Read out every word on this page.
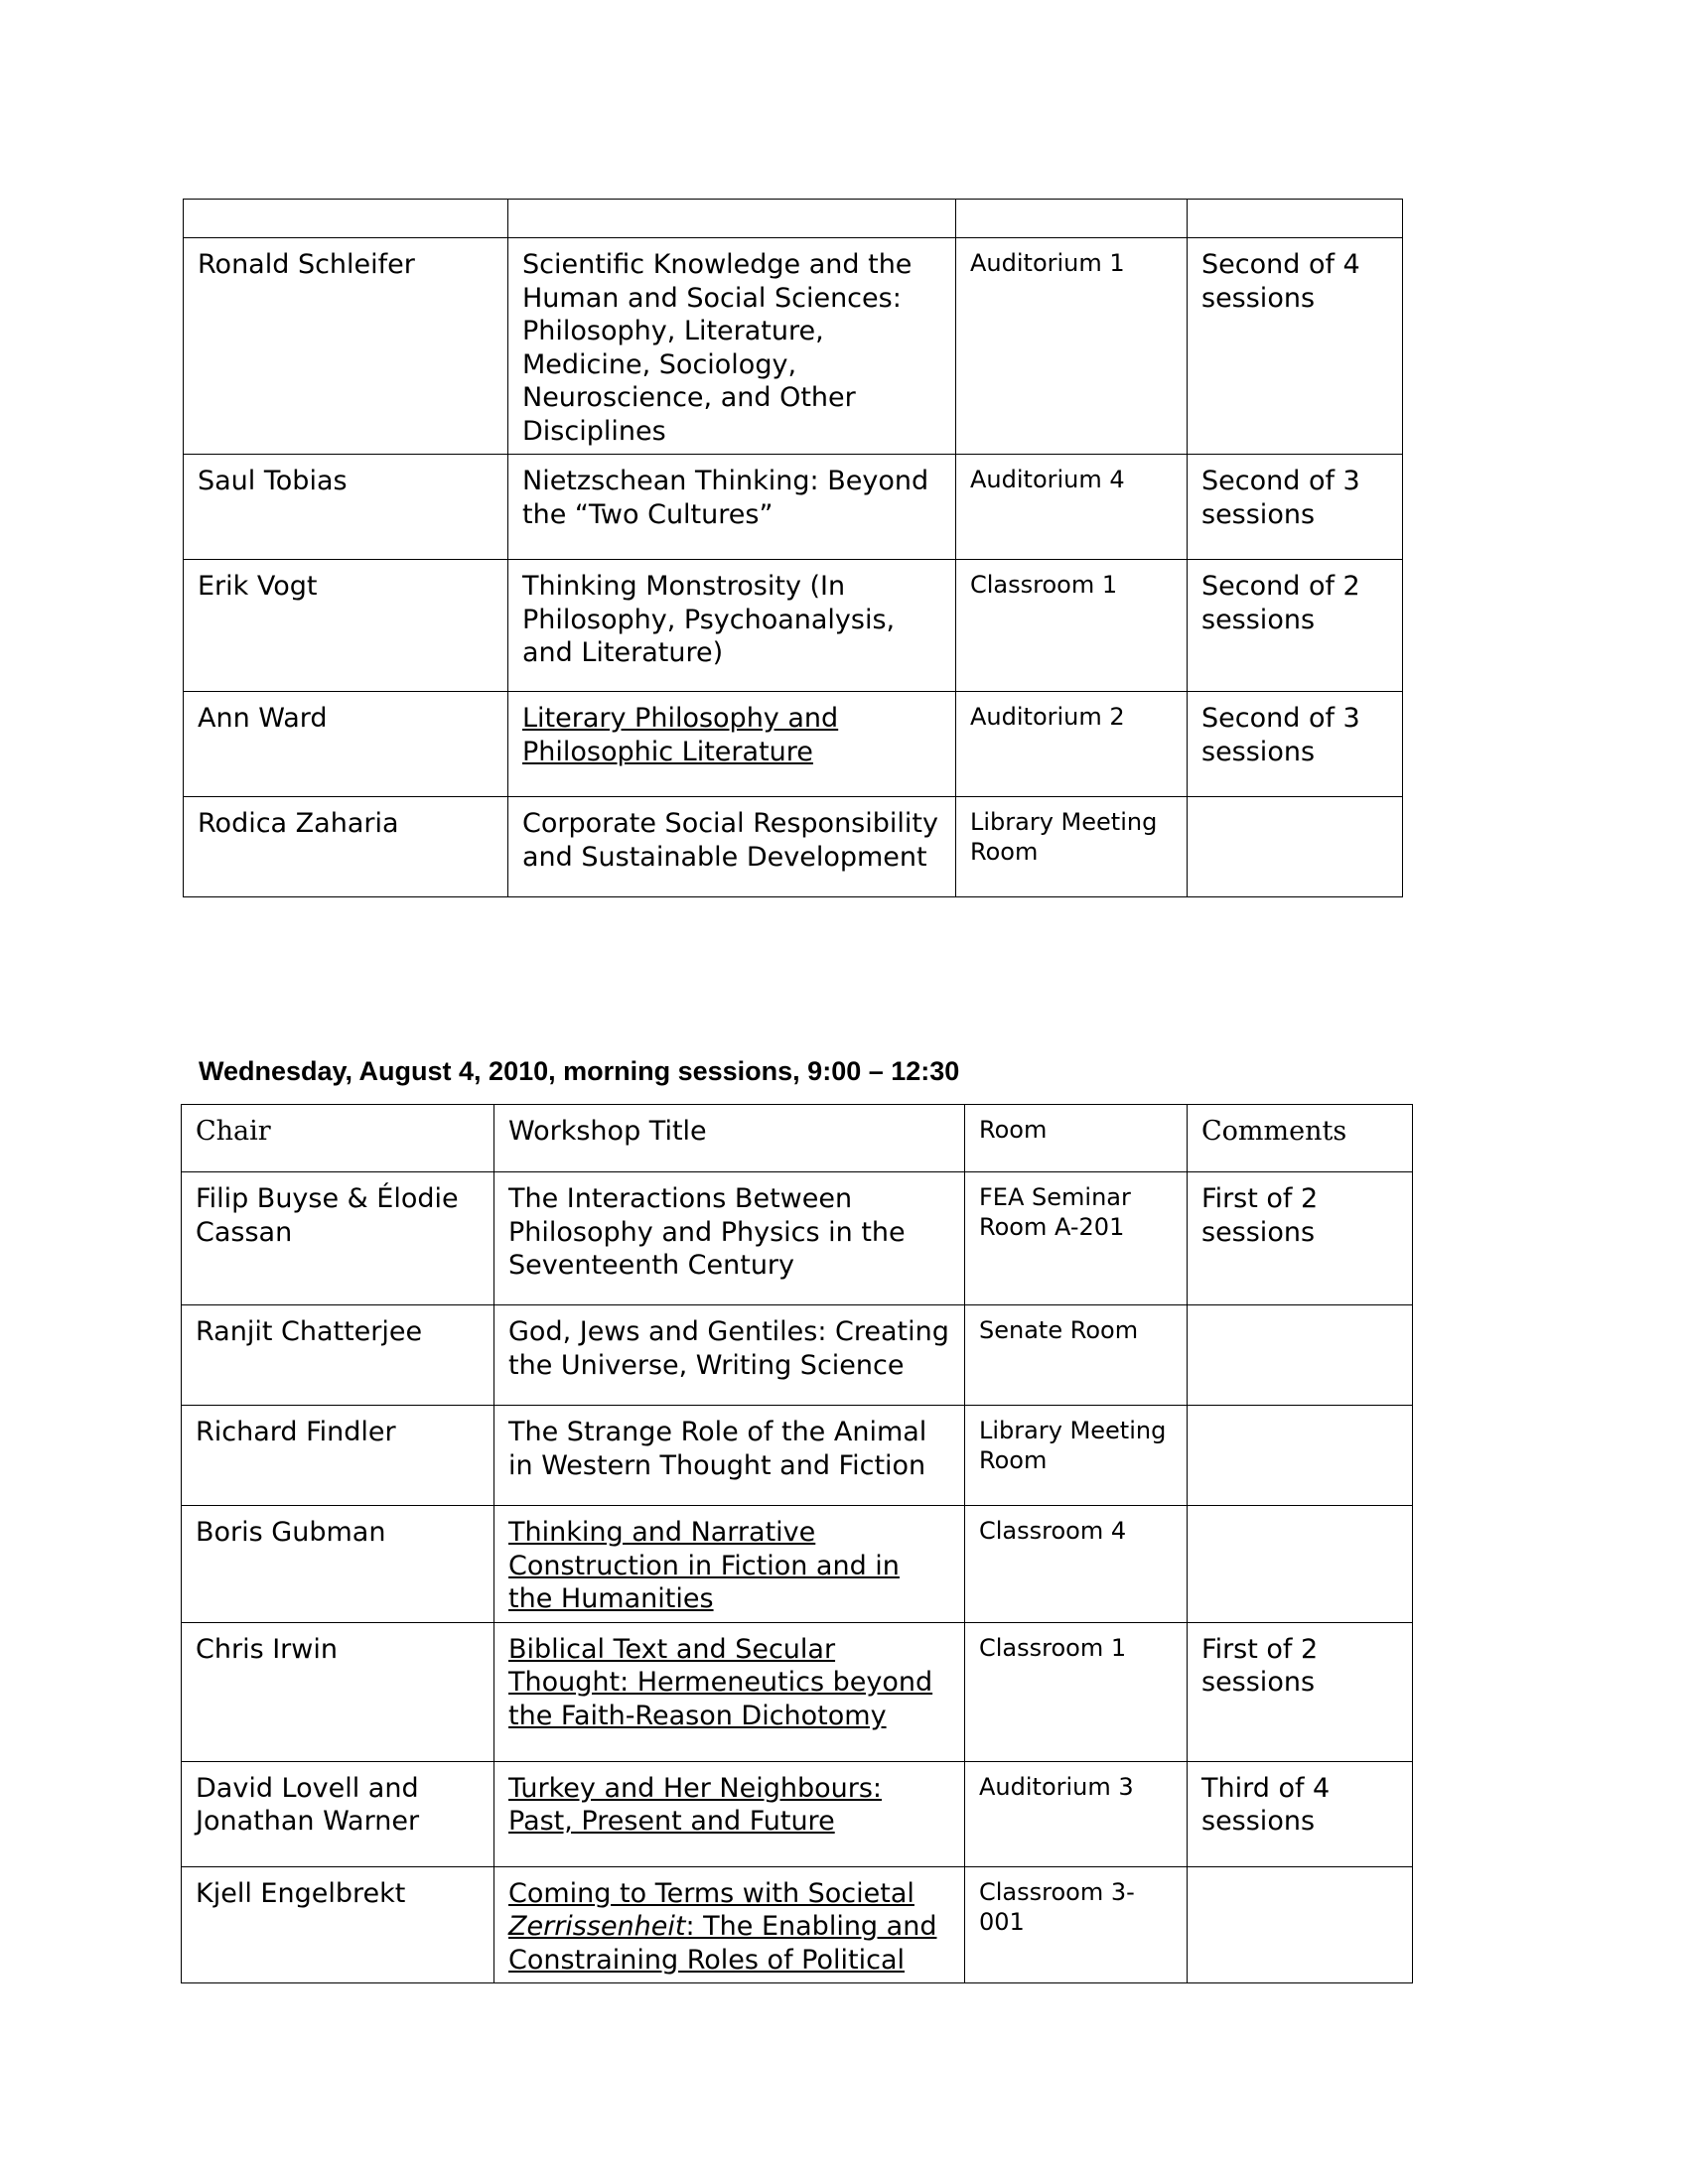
Ronald Schleifer	Scientific Knowledge and the Human and Social Sciences: Philosophy, Literature, Medicine, Sociology, Neuroscience, and Other Disciplines	Auditorium 1	Second of 4 sessions
Saul Tobias	Nietzschean Thinking: Beyond the “Two Cultures”	Auditorium 4	Second of 3 sessions
Erik Vogt	Thinking Monstrosity (In Philosophy, Psychoanalysis, and Literature)	Classroom 1	Second of 2 sessions
Ann Ward	Literary Philosophy and Philosophic Literature	Auditorium 2	Second of 3 sessions
Rodica Zaharia	Corporate Social Responsibility and Sustainable Development	Library Meeting Room	
Wednesday, August 4, 2010, morning sessions, 9:00 – 12:30
Chair	Workshop Title	Room	Comments
Filip Buyse & Élodie Cassan	The Interactions Between Philosophy and Physics in the Seventeenth Century	FEA Seminar Room A-201	First of 2 sessions
Ranjit Chatterjee	God, Jews and Gentiles: Creating the Universe, Writing Science	Senate Room	
Richard Findler	The Strange Role of the Animal in Western Thought and Fiction	Library Meeting Room	
Boris Gubman	Thinking and Narrative Construction in Fiction and in the Humanities	Classroom 4	
Chris Irwin	Biblical Text and Secular Thought: Hermeneutics beyond the Faith-Reason Dichotomy	Classroom 1	First of 2 sessions
David Lovell and Jonathan Warner	Turkey and Her Neighbours: Past, Present and Future	Auditorium 3	Third of 4 sessions
Kjell Engelbrekt	Coming to Terms with Societal Zerrissenheit: The Enabling and Constraining Roles of Political	Classroom 3-001	
